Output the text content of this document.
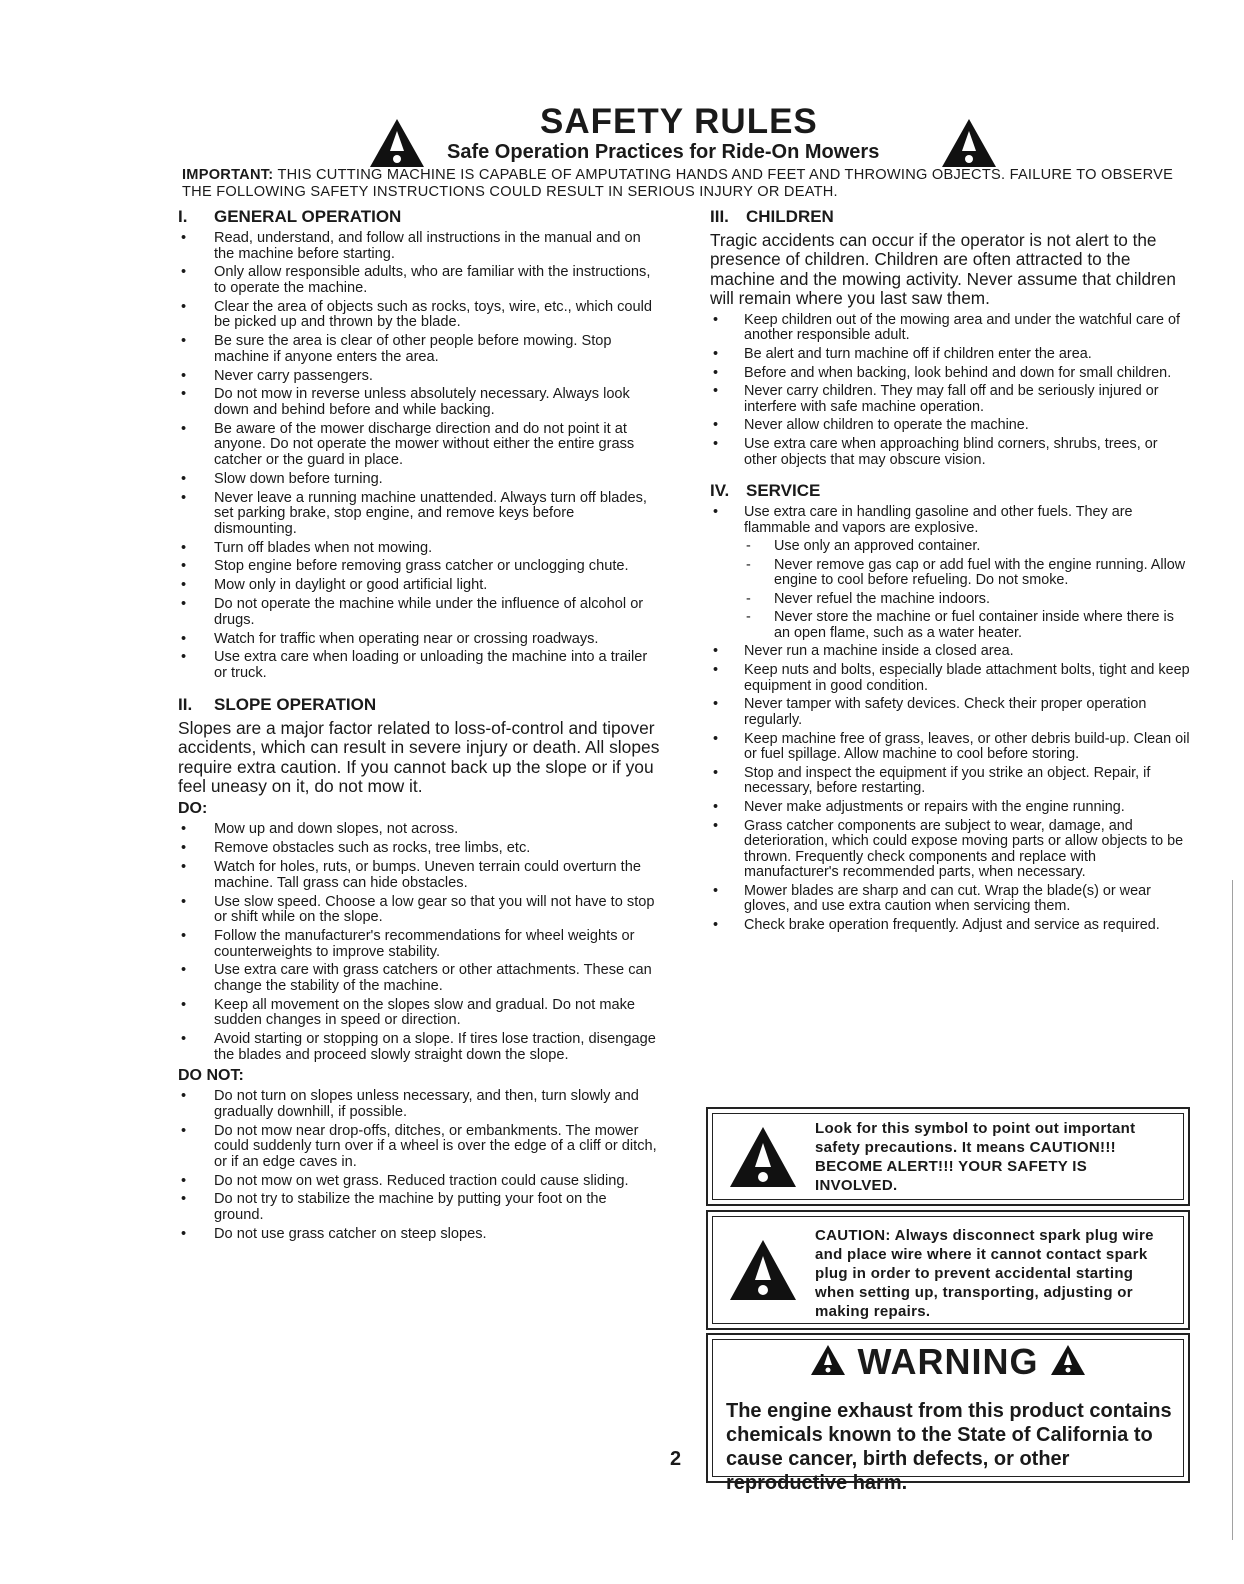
SAFETY RULES
Safe Operation Practices for Ride-On Mowers
IMPORTANT: THIS CUTTING MACHINE IS CAPABLE OF AMPUTATING HANDS AND FEET AND THROWING OBJECTS. FAILURE TO OBSERVE THE FOLLOWING SAFETY INSTRUCTIONS COULD RESULT IN SERIOUS INJURY OR DEATH.
I.	GENERAL OPERATION
• Read, understand, and follow all instructions in the manual and on the machine before starting.
• Only allow responsible adults, who are familiar with the instructions, to operate the machine.
• Clear the area of objects such as rocks, toys, wire, etc., which could be picked up and thrown by the blade.
• Be sure the area is clear of other people before mowing. Stop machine if anyone enters the area.
• Never carry passengers.
• Do not mow in reverse unless absolutely necessary. Always look down and behind before and while backing.
• Be aware of the mower discharge direction and do not point it at anyone. Do not operate the mower without either the entire grass catcher or the guard in place.
• Slow down before turning.
• Never leave a running machine unattended. Always turn off blades, set parking brake, stop engine, and remove keys before dismounting.
• Turn off blades when not mowing.
• Stop engine before removing grass catcher or unclogging chute.
• Mow only in daylight or good artificial light.
• Do not operate the machine while under the influence of alcohol or drugs.
• Watch for traffic when operating near or crossing roadways.
• Use extra care when loading or unloading the machine into a trailer or truck.
II.	SLOPE OPERATION

Slopes are a major factor related to loss-of-control and tipover accidents, which can result in severe injury or death. All slopes require extra caution. If you cannot back up the slope or if you feel uneasy on it, do not mow it.

DO:
• Mow up and down slopes, not across.
• Remove obstacles such as rocks, tree limbs, etc.
• Watch for holes, ruts, or bumps. Uneven terrain could overturn the machine. Tall grass can hide obstacles.
• Use slow speed. Choose a low gear so that you will not have to stop or shift while on the slope.
• Follow the manufacturer's recommendations for wheel weights or counterweights to improve stability.
• Use extra care with grass catchers or other attachments. These can change the stability of the machine.
• Keep all movement on the slopes slow and gradual. Do not make sudden changes in speed or direction.
• Avoid starting or stopping on a slope. If tires lose traction, disengage the blades and proceed slowly straight down the slope.
DO NOT:
• Do not turn on slopes unless necessary, and then, turn slowly and gradually downhill, if possible.
• Do not mow near drop-offs, ditches, or embankments. The mower could suddenly turn over if a wheel is over the edge of a cliff or ditch, or if an edge caves in.
• Do not mow on wet grass. Reduced traction could cause sliding.
• Do not try to stabilize the machine by putting your foot on the ground.
• Do not use grass catcher on steep slopes.
III.	CHILDREN

Tragic accidents can occur if the operator is not alert to the presence of children. Children are often attracted to the machine and the mowing activity. Never assume that children will remain where you last saw them.

• Keep children out of the mowing area and under the watchful care of another responsible adult.
• Be alert and turn machine off if children enter the area.
• Before and when backing, look behind and down for small children.
• Never carry children. They may fall off and be seriously injured or interfere with safe machine operation.
• Never allow children to operate the machine.
• Use extra care when approaching blind corners, shrubs, trees, or other objects that may obscure vision.
IV. SERVICE
• Use extra care in handling gasoline and other fuels. They are flammable and vapors are explosive.
- Use only an approved container.
- Never remove gas cap or add fuel with the engine running. Allow engine to cool before refueling. Do not smoke.
- Never refuel the machine indoors.
- Never store the machine or fuel container inside where there is an open flame, such as a water heater.
• Never run a machine inside a closed area.
• Keep nuts and bolts, especially blade attachment bolts, tight and keep equipment in good condition.
• Never tamper with safety devices. Check their proper operation regularly.
• Keep machine free of grass, leaves, or other debris build-up. Clean oil or fuel spillage. Allow machine to cool before storing.
• Stop and inspect the equipment if you strike an object. Repair, if necessary, before restarting.
• Never make adjustments or repairs with the engine running.
• Grass catcher components are subject to wear, damage, and deterioration, which could expose moving parts or allow objects to be thrown. Frequently check components and replace with manufacturer's recommended parts, when necessary.
• Mower blades are sharp and can cut. Wrap the blade(s) or wear gloves, and use extra caution when servicing them.
• Check brake operation frequently. Adjust and service as required.
Look for this symbol to point out important safety precautions. It means CAUTION!!! BECOME ALERT!!! YOUR SAFETY IS INVOLVED.
CAUTION: Always disconnect spark plug wire and place wire where it cannot contact spark plug in order to prevent accidental starting when setting up, transporting, adjusting or making repairs.
WARNING
The engine exhaust from this product contains chemicals known to the State of California to cause cancer, birth defects, or other reproductive harm.
2
